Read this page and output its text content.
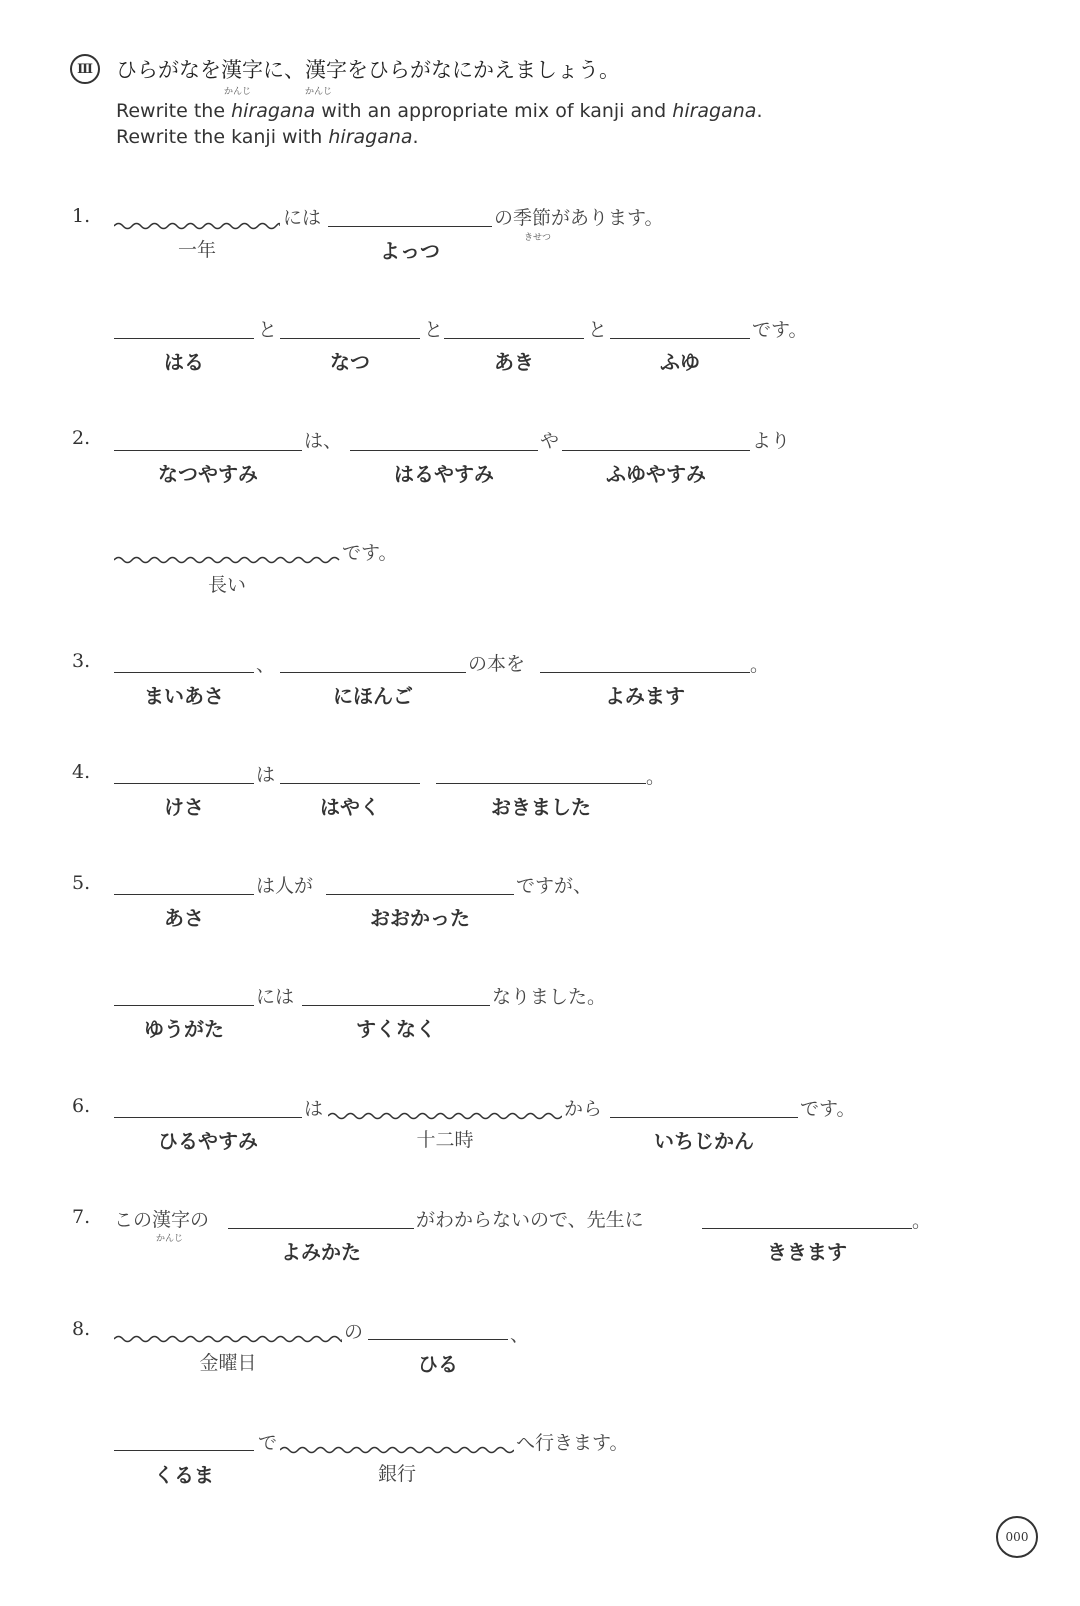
Ⅲ	ひらがなを漢字に、漢字をひらがなにかえましょう。
かんじ	かんじ
Rewrite the hiragana with an appropriate mix of kanji and hiragana.
Rewrite the kanji with hiragana.
1.	には	の季節があります。
きせつ
一年	よっつ
と	と	と	です。
はる	なつ	あき	ふゆ
2.	は、	や	より
なつやすみ	はるやすみ	ふゆやすみ
です。
長い
3.	、	の本を	。
まいあさ	にほんご	よみます
4.	は	。
けさ	はやく	おきました
5.	は人が	ですが、
あさ	おおかった
には	なりました。
ゆうがた	すくなく
6.	は	から	です。
ひるやすみ	十二時	いちじかん
7. この漢字の
かんじ
がわからないので、先生に	。
よみかた	ききます
8.	の	、
金曜日	ひる
で	へ行きます。
くるま	銀行
000
